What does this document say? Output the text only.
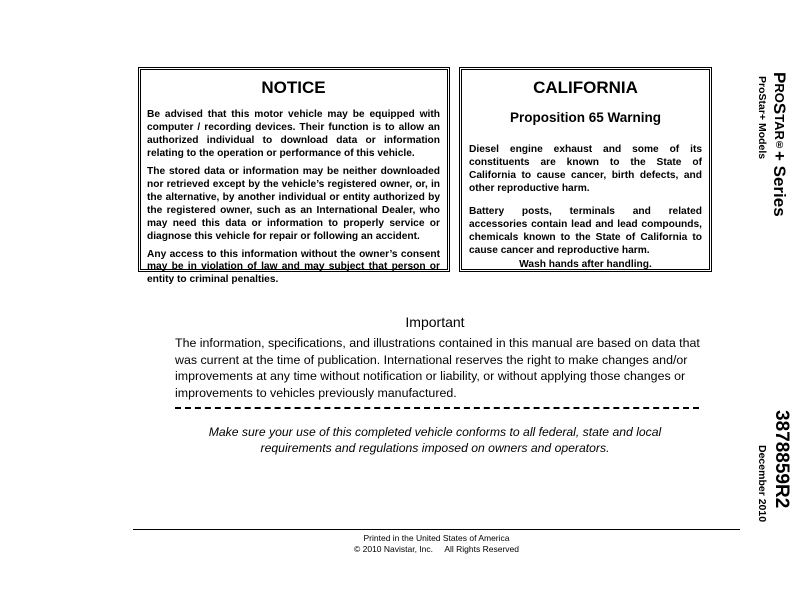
NOTICE

Be advised that this motor vehicle may be equipped with computer / recording devices. Their function is to allow an authorized individual to download data or information relating to the operation or performance of this vehicle.

The stored data or information may be neither downloaded nor retrieved except by the vehicle’s registered owner, or, in the alternative, by another individual or entity authorized by the registered owner, such as an International Dealer, who may need this data or information to properly service or diagnose this vehicle for repair or following an accident.

Any access to this information without the owner’s consent may be in violation of law and may subject that person or entity to criminal penalties.

CALIFORNIA

Proposition 65 Warning

Diesel engine exhaust and some of its constituents are known to the State of California to cause cancer, birth defects, and other reproductive harm.

Battery posts, terminals and related accessories contain lead and lead compounds, chemicals known to the State of California to cause cancer and reproductive harm.

Wash hands after handling.

Important

The information, specifications, and illustrations contained in this manual are based on data that was current at the time of publication. International reserves the right to make changes and/or improvements at any time without notification or liability, or without applying those changes or improvements to vehicles previously manufactured.

Make sure your use of this completed vehicle conforms to all federal, state and local requirements and regulations imposed on owners and operators.

Printed in the United States of America
© 2010 Navistar, Inc.     All Rights Reserved
PROSTAR®+ Series
ProStar+ Models
3878859R2
December 2010
